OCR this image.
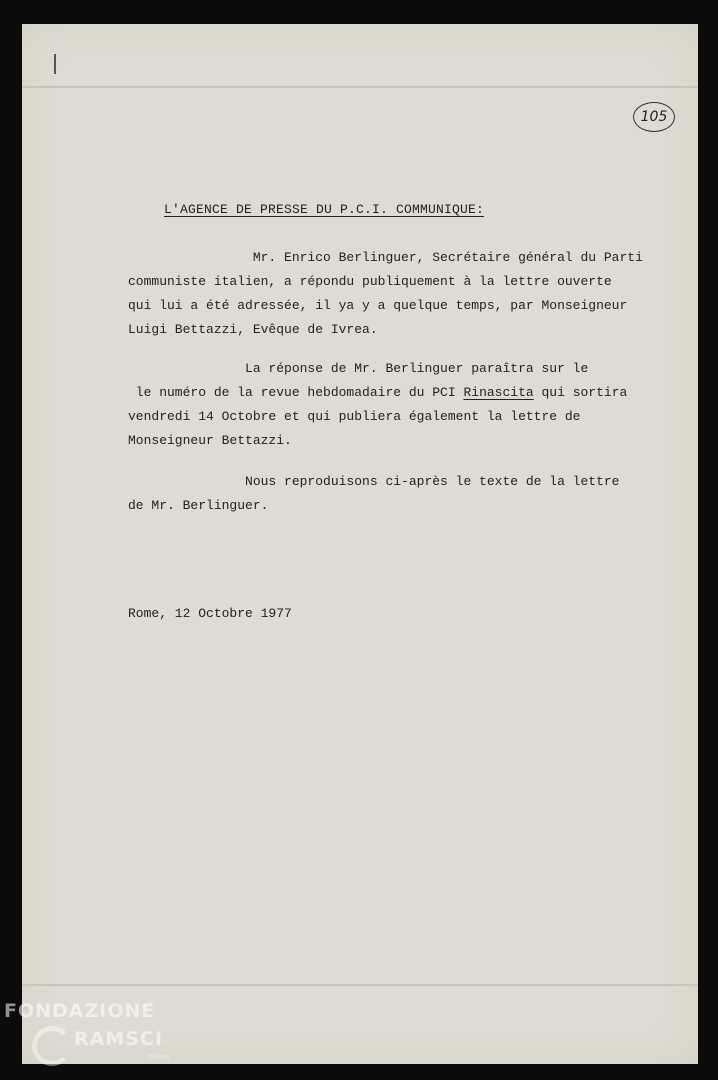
105
L'AGENCE DE PRESSE DU P.C.I. COMMUNIQUE:

Mr. Enrico Berlinguer, Secrétaire général du Parti
communiste italien, a répondu publiquement à la lettre ouverte
qui lui a été adressée, il ya y a quelque temps, par Monseigneur
Luigi Bettazzi, Evêque de Ivrea.

La réponse de Mr. Berlinguer paraîtra sur le
le numéro de la revue hebdomadaire du PCI Rinascita qui sortira
vendredi 14 Octobre et qui publiera également la lettre de
Monseigneur Bettazzi.

Nous reproduisons ci-après le texte de la lettre
de Mr. Berlinguer.

Rome, 12 Octobre 1977

FONDAZIONE
RAMSCI
onlus
